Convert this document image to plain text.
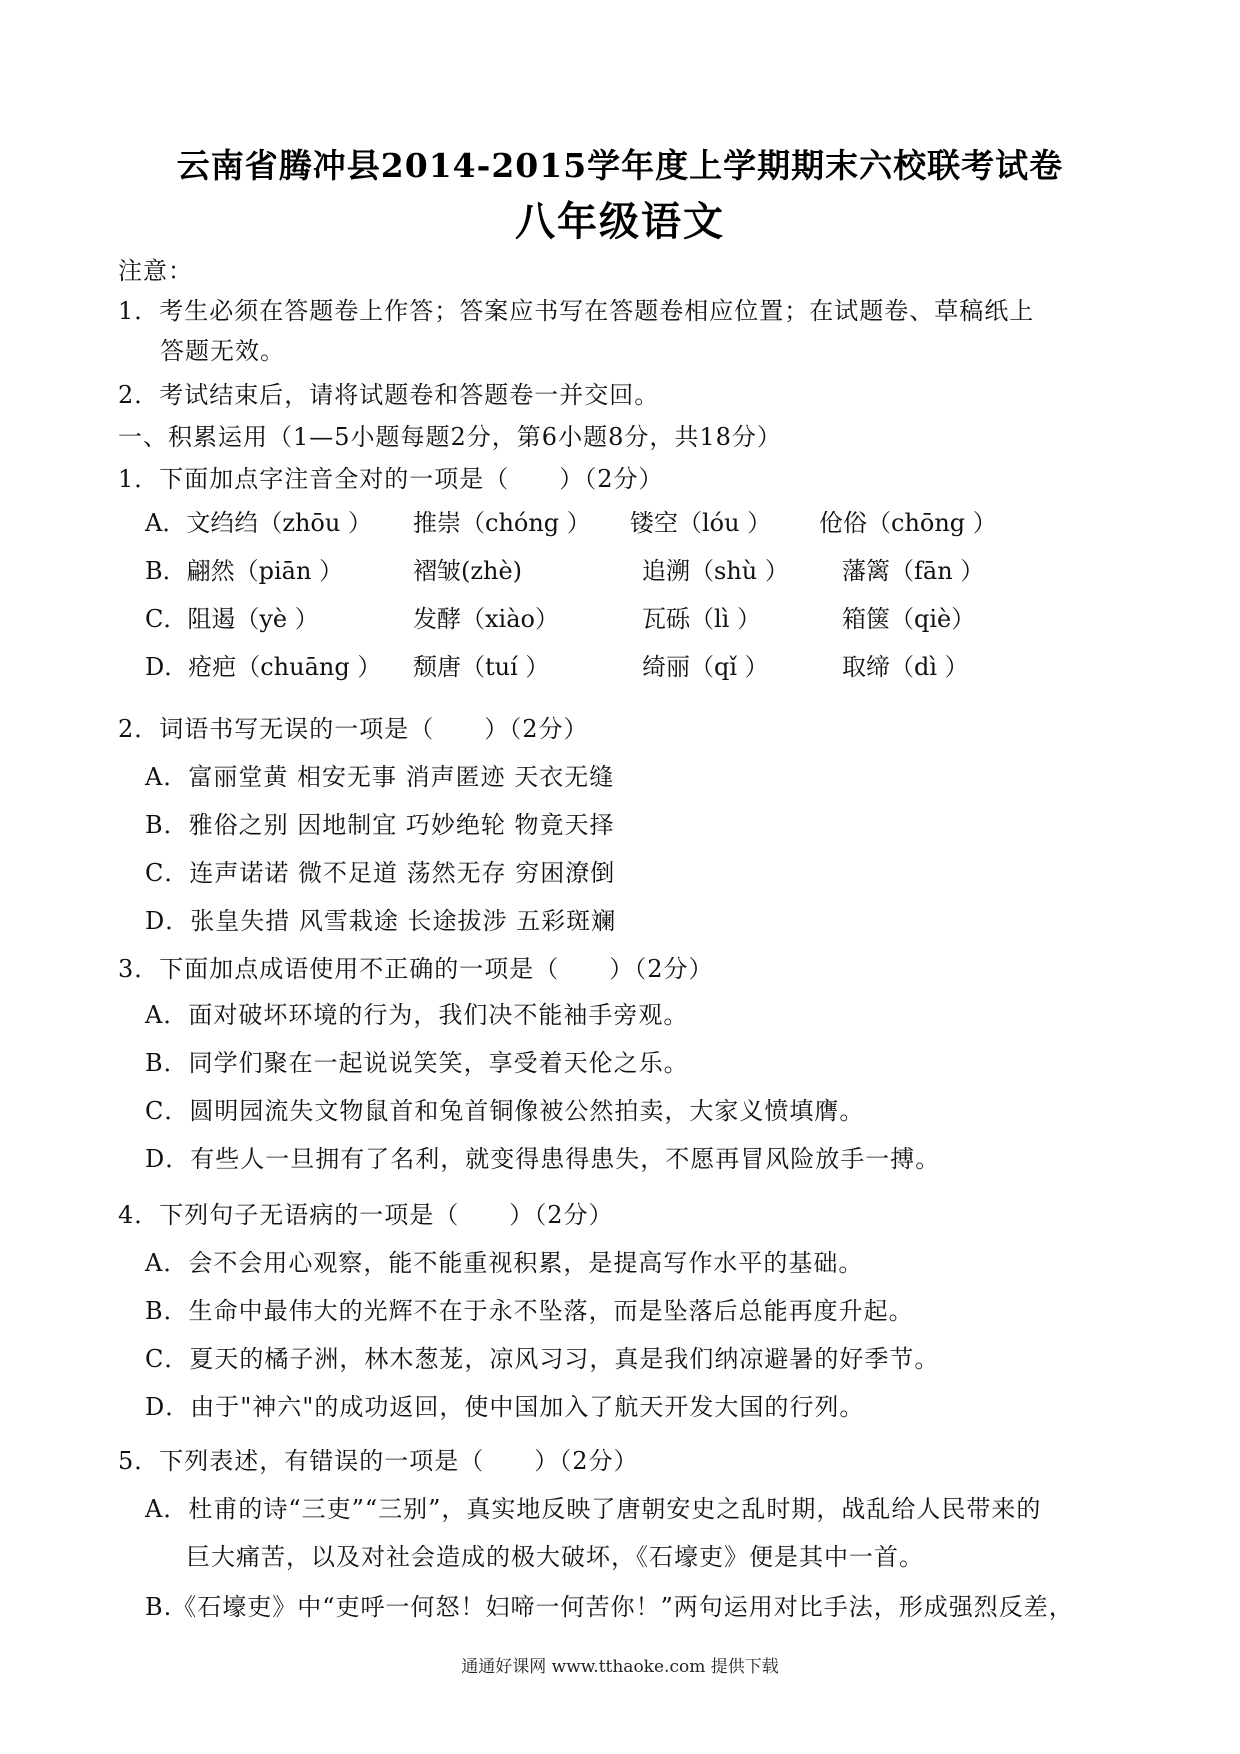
云南省腾冲县2014-2015学年度上学期期末六校联考试卷
八年级语文
注意：
1．考生必须在答题卷上作答；答案应书写在答题卷相应位置；在试题卷、草稿纸上
答题无效。
2．考试结束后，请将试题卷和答题卷一并交回。
一、积累运用（1—5小题每题2分，第6小题8分，共18分）
1．下面加点字注音全对的一项是（　　）（2分）
A．文绉绉（zhōu ） 推崇（chóng ） 镂空（lóu ） 伧俗（chōng ）
B．翩然（piān ）	褶皱(zhè)	追溯（shù ） 藩篱（fān ）
C．阻遏（yè ）	发酵（xiào）	瓦砾（lì ）	箱箧（qiè）
D．疮疤（chuāng ） 颓唐（tuí ）	绮丽（qǐ ）	取缔（dì ）
2．词语书写无误的一项是（　　）（2分）
A．富丽堂黄 相安无事 消声匿迹 天衣无缝
B．雅俗之别 因地制宜 巧妙绝轮 物竟天择
C．连声诺诺 微不足道 荡然无存 穷困潦倒
D．张皇失措 风雪栽途 长途拔涉 五彩斑斓
3．下面加点成语使用不正确的一项是（　　）（2分）
A．面对破坏环境的行为，我们决不能袖手旁观。
B．同学们聚在一起说说笑笑，享受着天伦之乐。
C．圆明园流失文物鼠首和兔首铜像被公然拍卖，大家义愤填膺。
D．有些人一旦拥有了名利，就变得患得患失，不愿再冒风险放手一搏。
4．下列句子无语病的一项是（　　）（2分）
A．会不会用心观察，能不能重视积累，是提高写作水平的基础。
B．生命中最伟大的光辉不在于永不坠落，而是坠落后总能再度升起。
C．夏天的橘子洲，林木葱茏，凉风习习，真是我们纳凉避暑的好季节。
D．由于"神六"的成功返回，使中国加入了航天开发大国的行列。
5．下列表述，有错误的一项是（　　）（2分）
A．杜甫的诗“三吏”“三别”，真实地反映了唐朝安史之乱时期，战乱给人民带来的
巨大痛苦，以及对社会造成的极大破坏，《石壕吏》便是其中一首。
B.《石壕吏》中“吏呼一何怒！妇啼一何苦你！”两句运用对比手法，形成强烈反差，
通通好课网 www.tthaoke.com 提供下载
